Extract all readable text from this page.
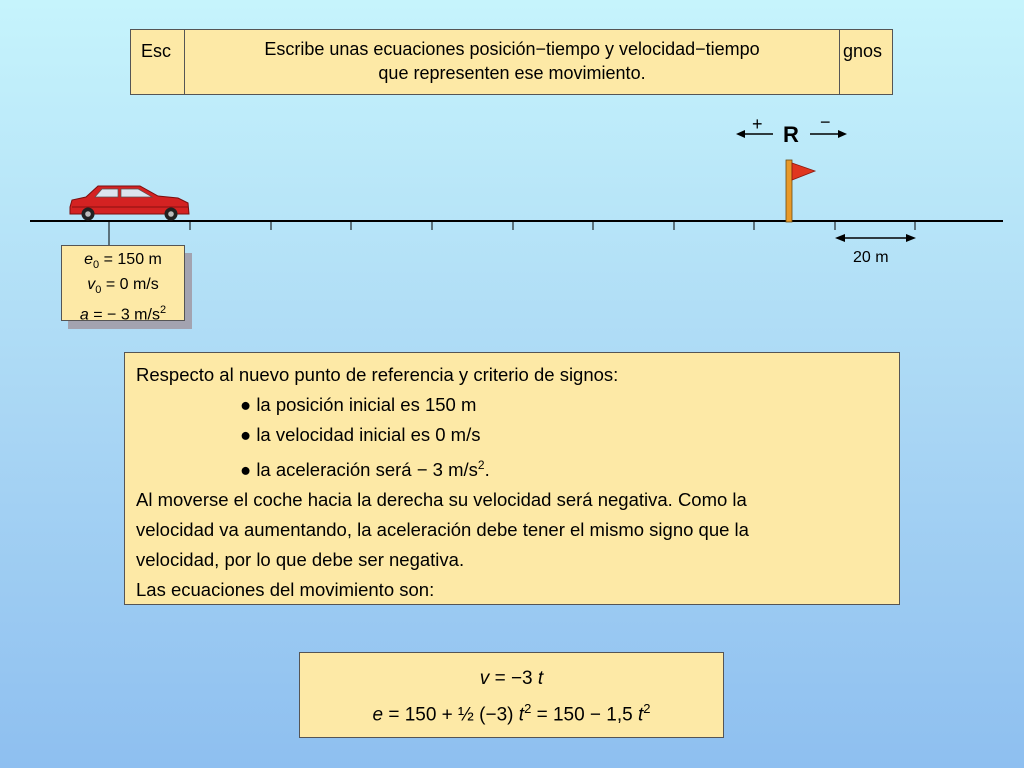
Esc	gnos
Escribe unas ecuaciones posición−tiempo y velocidad−tiempo
que representen ese movimiento.
+	−
R
20 m
$e_0 = 150$ m
$v_0 = 0$ m/s
a = − 3 $m/s^2$
Respecto al nuevo punto de referencia y criterio de signos:
● la posición inicial es 150 m
● la velocidad inicial es 0 m/s
● la aceleración será − 3 $m/s^2$.
Al moverse el coche hacia la derecha su velocidad será negativa. Como la
velocidad va aumentando, la aceleración debe tener el mismo signo que la
velocidad, por lo que debe ser negativa.
Las ecuaciones del movimiento son:
v = −3 t
e = 150 + ½ (−3) $t^2 = 150 - 1,5$ $t^2$
